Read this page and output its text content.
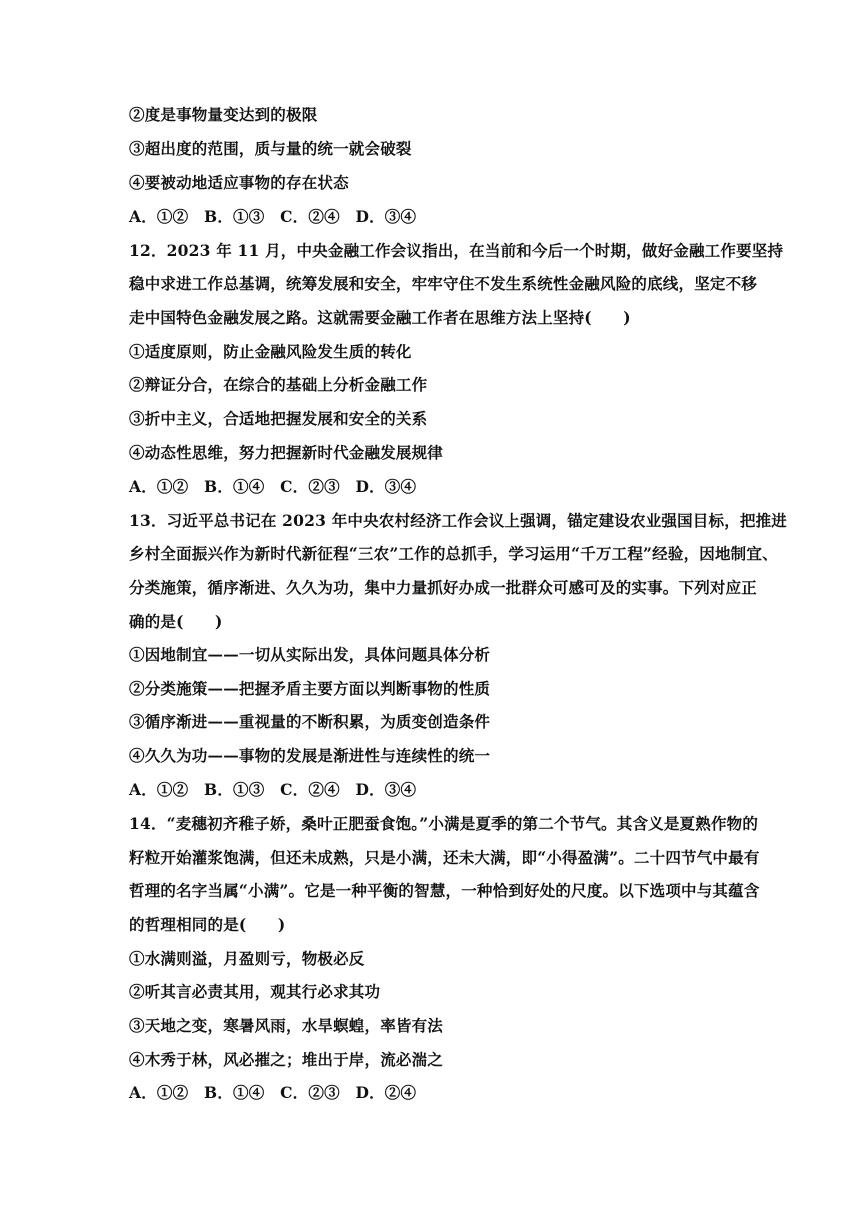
②度是事物量变达到的极限
③超出度的范围，质与量的统一就会破裂
④要被动地适应事物的存在状态
A．①②　B．①③　C．②④　D．③④
12．2023 年 11 月，中央金融工作会议指出，在当前和今后一个时期，做好金融工作要坚持
稳中求进工作总基调，统筹发展和安全，牢牢守住不发生系统性金融风险的底线，坚定不移
走中国特色金融发展之路。这就需要金融工作者在思维方法上坚持(　　)
①适度原则，防止金融风险发生质的转化
②辩证分合，在综合的基础上分析金融工作
③折中主义，合适地把握发展和安全的关系
④动态性思维，努力把握新时代金融发展规律
A．①②　B．①④　C．②③　D．③④
13．习近平总书记在 2023 年中央农村经济工作会议上强调，锚定建设农业强国目标，把推进
乡村全面振兴作为新时代新征程“三农”工作的总抓手，学习运用“千万工程”经验，因地制宜、
分类施策，循序渐进、久久为功，集中力量抓好办成一批群众可感可及的实事。下列对应正
确的是(　　)
①因地制宜——一切从实际出发，具体问题具体分析
②分类施策——把握矛盾主要方面以判断事物的性质
③循序渐进——重视量的不断积累，为质变创造条件
④久久为功——事物的发展是渐进性与连续性的统一
A．①②　B．①③　C．②④　D．③④
14．“麦穗初齐稚子娇，桑叶正肥蚕食饱。”小满是夏季的第二个节气。其含义是夏熟作物的
籽粒开始灌浆饱满，但还未成熟，只是小满，还未大满，即“小得盈满”。二十四节气中最有
哲理的名字当属“小满”。它是一种平衡的智慧，一种恰到好处的尺度。以下选项中与其蕴含
的哲理相同的是(　　)
①水满则溢，月盈则亏，物极必反
②听其言必责其用，观其行必求其功
③天地之变，寒暑风雨，水旱螟蝗，率皆有法
④木秀于林，风必摧之；堆出于岸，流必湍之
A．①②　B．①④　C．②③　D．②④
